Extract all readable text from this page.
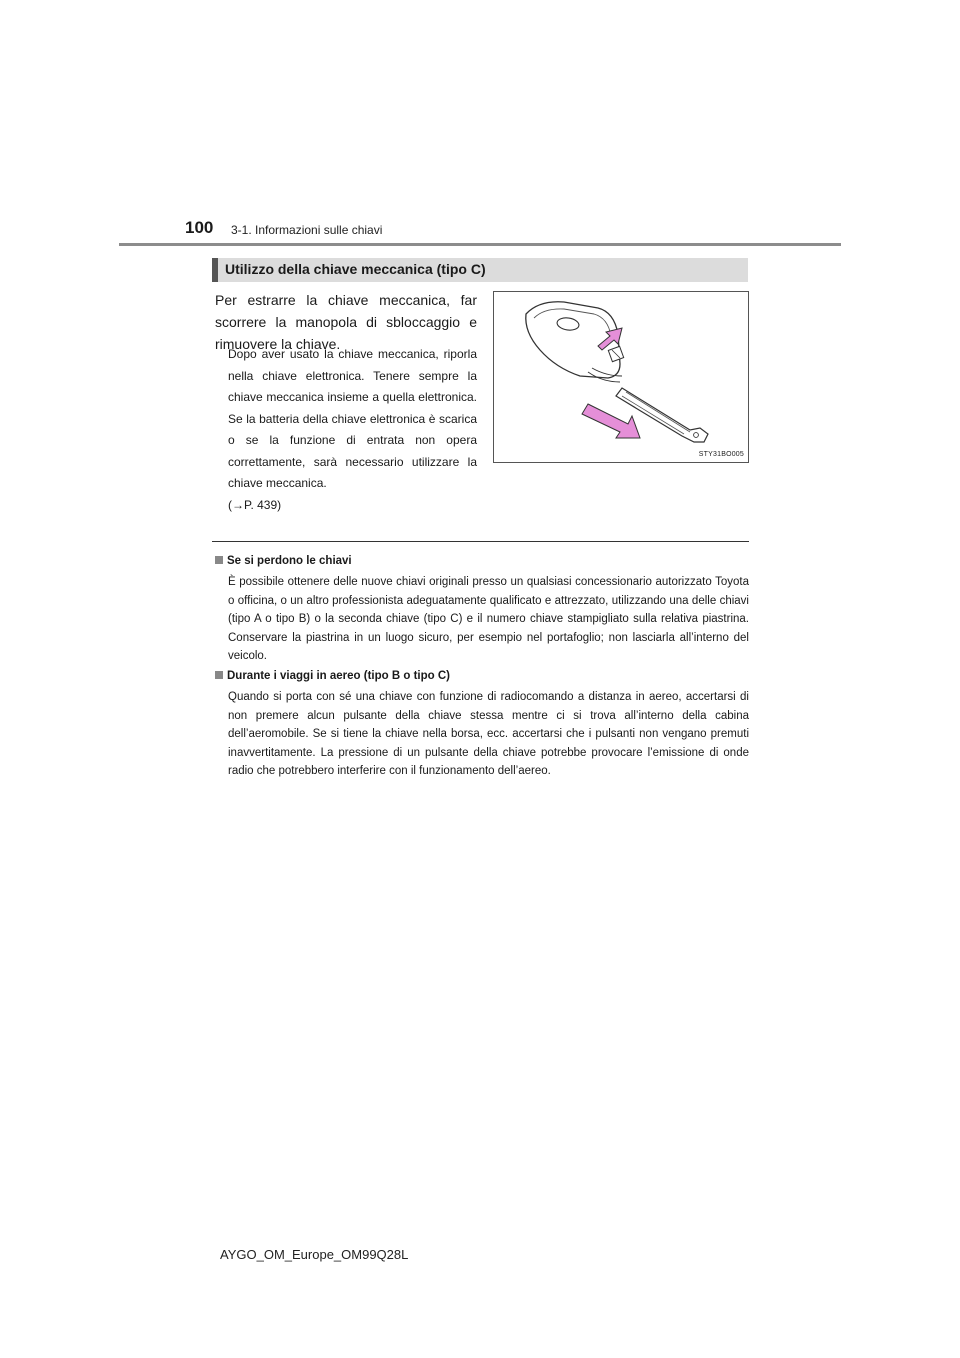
100 3-1. Informazioni sulle chiavi
Utilizzo della chiave meccanica (tipo C)
Per estrarre la chiave meccanica, far scorrere la manopola di sbloccaggio e rimuovere la chiave.
Dopo aver usato la chiave meccanica, riporla nella chiave elettronica. Tenere sempre la chiave meccanica insieme a quella elettronica. Se la batteria della chiave elettronica è scarica o se la funzione di entrata non opera correttamente, sarà necessario utilizzare la chiave meccanica.
(→P. 439)
STY31BO005
Se si perdono le chiavi
È possibile ottenere delle nuove chiavi originali presso un qualsiasi concessionario autorizzato Toyota o officina, o un altro professionista adeguatamente qualificato e attrezzato, utilizzando una delle chiavi (tipo A o tipo B) o la seconda chiave (tipo C) e il numero chiave stampigliato sulla relativa piastrina. Conservare la piastrina in un luogo sicuro, per esempio nel portafoglio; non lasciarla all’interno del veicolo.
Durante i viaggi in aereo (tipo B o tipo C)
Quando si porta con sé una chiave con funzione di radiocomando a distanza in aereo, accertarsi di non premere alcun pulsante della chiave stessa mentre ci si trova all’interno della cabina dell’aeromobile. Se si tiene la chiave nella borsa, ecc. accertarsi che i pulsanti non vengano premuti inavvertitamente. La pressione di un pulsante della chiave potrebbe provocare l’emissione di onde radio che potrebbero interferire con il funzionamento dell’aereo.
AYGO_OM_Europe_OM99Q28L
